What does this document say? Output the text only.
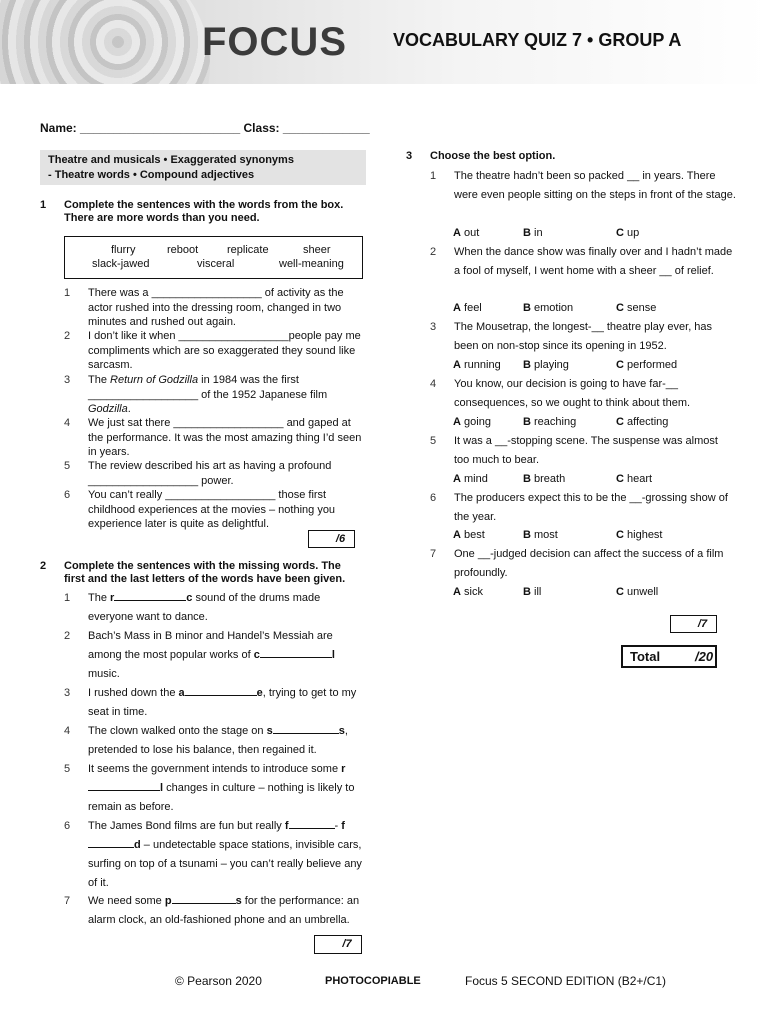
FOCUS	VOCABULARY QUIZ 7 • GROUP A
Name: ________________________ Class: _____________
Theatre and musicals • Exaggerated synonyms
- Theatre words • Compound adjectives
1 Complete the sentences with the words from the box. There are more words than you need.
flurry	reboot	replicate	sheer
slack-jawed	visceral	well-meaning
1 There was a __________________ of activity as the actor rushed into the dressing room, changed in two minutes and rushed out again.
2 I don’t like it when __________________people pay me compliments which are so exaggerated they sound like sarcasm.
3 The Return of Godzilla in 1984 was the first __________________ of the 1952 Japanese film Godzilla.
4 We just sat there __________________ and gaped at the performance. It was the most amazing thing I’d seen in years.
5 The review described his art as having a profound __________________ power.
6 You can’t really __________________ those first childhood experiences at the movies – nothing you experience later is quite as delightful.
/6
2 Complete the sentences with the missing words. The first and the last letters of the words have been given.
1 The r	c sound of the drums made everyone want to dance.
2 Bach’s Mass in B minor and Handel’s Messiah are among the most popular works of c	l music.
3 I rushed down the a	e, trying to get to my seat in time.
4 The clown walked onto the stage on s	s, pretended to lose his balance, then regained it.
5 It seems the government intends to introduce some rl changes in culture – nothing is likely to remain as before.
6 The James Bond films are fun but really f	- fd – undetectable space stations, invisible cars, surfing on top of a tsunami – you can’t really believe any of it.
7 We need some p	s for the performance: an alarm clock, an old-fashioned phone and an umbrella.
/7
3 Choose the best option.
1 The theatre hadn’t been so packed __ in years. There were even people sitting on the steps in front of the stage.
A out	B in	C up
2 When the dance show was finally over and I hadn’t made a fool of myself, I went home with a sheer __ of relief.
A feel	B emotion	C sense
3 The Mousetrap, the longest-__ theatre play ever, has been on non-stop since its opening in 1952.
A running B playing	C performed
4 You know, our decision is going to have far-__ consequences, so we ought to think about them.
A going	B reaching	C affecting
5 It was a __-stopping scene. The suspense was almost too much to bear.
A mind	B breath	C heart
6 The producers expect this to be the __-grossing show of the year.
A best	B most	C highest
7 One __-judged decision can affect the success of a film profoundly.
A sick	B ill	C unwell
/7
Total	/20
© Pearson 2020	PHOTOCOPIABLE	Focus 5 SECOND EDITION (B2+/C1)
